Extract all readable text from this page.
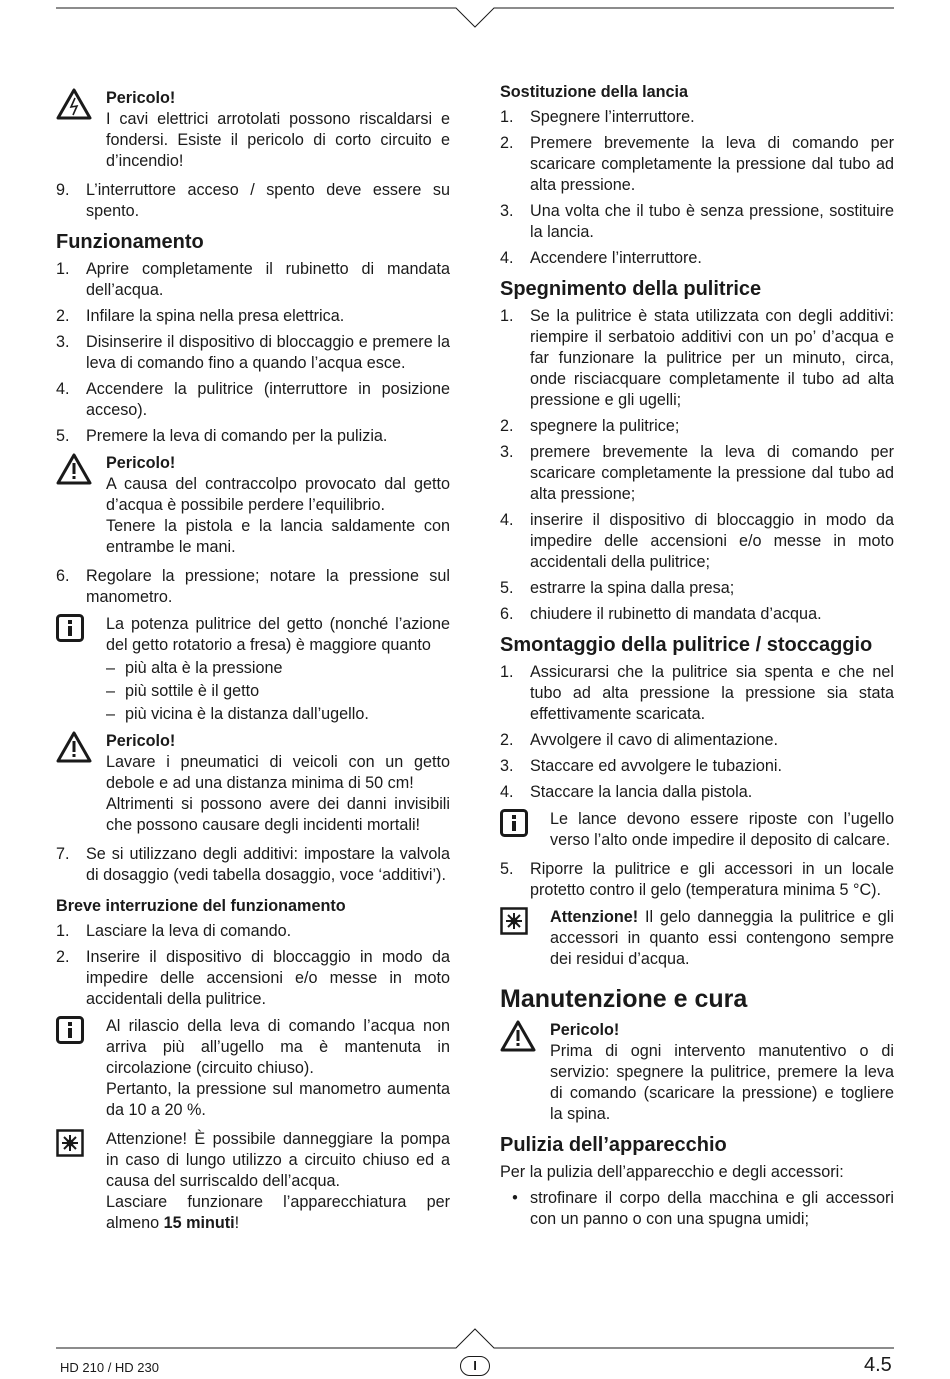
Pericolo!
I cavi elettrici arrotolati possono riscaldarsi e fondersi. Esiste il pericolo di corto circuito e d’incendio!
9.	L’interruttore acceso / spento deve essere su spento.
Funzionamento
1.	Aprire completamente il rubinetto di mandata dell’acqua.
2.	Infilare la spina nella presa elettrica.
3.	Disinserire il dispositivo di bloccaggio e premere la leva di comando fino a quando l’acqua esce.
4.	Accendere la pulitrice (interruttore in posizione acceso).
5.	Premere la leva di comando per la pulizia.
Pericolo!
A causa del contraccolpo provocato dal getto d’acqua è possibile perdere l’equilibrio.
Tenere la pistola e la lancia saldamente con entrambe le mani.
6.	Regolare la pressione; notare la pressione sul manometro.
La potenza pulitrice del getto (nonché l’azione del getto rotatorio a fresa) è maggiore quanto
– più alta è la pressione
– più sottile è il getto
– più vicina è la distanza dall’ugello.
Pericolo!
Lavare i pneumatici di veicoli con un getto debole e ad una distanza minima di 50 cm!
Altrimenti si possono avere dei danni invisibili che possono causare degli incidenti mortali!
7.	Se si utilizzano degli additivi: impostare la valvola di dosaggio (vedi tabella dosaggio, voce ‘additivi’).
Breve interruzione del funzionamento
1.	Lasciare la leva di comando.
2.	Inserire il dispositivo di bloccaggio in modo da impedire delle accensioni e/o messe in moto accidentali della pulitrice.
Al rilascio della leva di comando l’acqua non arriva più all’ugello ma è mantenuta in circolazione (circuito chiuso).
Pertanto, la pressione sul manometro aumenta da 10 a 20 %.
Attenzione! È possibile danneggiare la pompa in caso di lungo utilizzo a circuito chiuso ed a causa del surriscaldo dell’acqua.
Lasciare funzionare l’apparecchiatura per almeno 15 minuti!
Sostituzione della lancia
1.	Spegnere l’interruttore.
2.	Premere brevemente la leva di comando per scaricare completamente la pressione dal tubo ad alta pressione.
3.	Una volta che il tubo è senza pressione, sostituire la lancia.
4.	Accendere l’interruttore.
Spegnimento della pulitrice
1.	Se la pulitrice è stata utilizzata con degli additivi: riempire il serbatoio additivi con un po’ d’acqua e far funzionare la pulitrice per un minuto, circa, onde risciacquare completamente il tubo ad alta pressione e gli ugelli;
2.	spegnere la pulitrice;
3.	premere brevemente la leva di comando per scaricare completamente la pressione dal tubo ad alta pressione;
4.	inserire il dispositivo di bloccaggio in modo da impedire delle accensioni e/o messe in moto accidentali della pulitrice;
5.	estrarre la spina dalla presa;
6.	chiudere il rubinetto di mandata d’acqua.
Smontaggio della pulitrice / stoccaggio
1.	Assicurarsi che la pulitrice sia spenta e che nel tubo ad alta pressione la pressione sia stata effettivamente scaricata.
2.	Avvolgere il cavo di alimentazione.
3.	Staccare ed avvolgere le tubazioni.
4.	Staccare la lancia dalla pistola.
Le lance devono essere riposte con l’ugello verso l’alto onde impedire il deposito di calcare.
5.	Riporre la pulitrice e gli accessori in un locale protetto contro il gelo (temperatura minima 5 °C).
Attenzione! Il gelo danneggia la pulitrice e gli accessori in quanto essi contengono sempre dei residui d’acqua.
Manutenzione e cura
Pericolo!
Prima di ogni intervento manutentivo o di servizio: spegnere la pulitrice, premere la leva di comando (scaricare la pressione) e togliere la spina.
Pulizia dell’apparecchio
Per la pulizia dell’apparecchio e degli accessori:
• strofinare il corpo della macchina e gli accessori con un panno o con una spugna umidi;
HD 210 / HD 230	I	4.5
